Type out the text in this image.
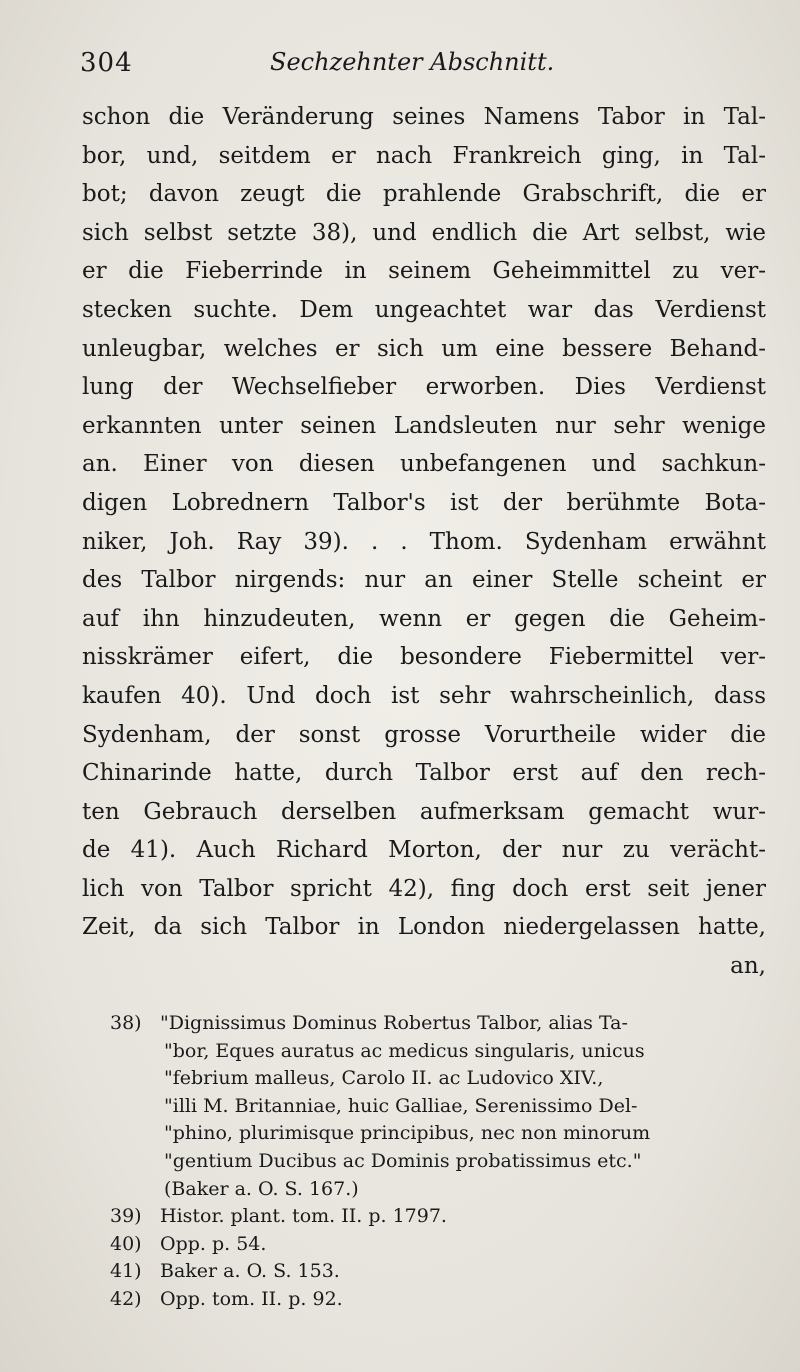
304	Sechzehnter Abschnitt.
schon die Veränderung seines Namens Tabor in Tal-
bor, und, seitdem er nach Frankreich ging, in Tal-
bot; davon zeugt die prahlende Grabschrift, die er
sich selbst setzte 38), und endlich die Art selbst, wie
er die Fieberrinde in seinem Geheimmittel zu ver-
stecken suchte. Dem ungeachtet war das Verdienst
unleugbar, welches er sich um eine bessere Behand-
lung der Wechselfieber erworben. Dies Verdienst
erkannten unter seinen Landsleuten nur sehr wenige
an. Einer von diesen unbefangenen und sachkun-
digen Lobrednern Talbor's ist der berühmte Bota-
niker, Joh. Ray 39). . . Thom. Sydenham erwähnt
des Talbor nirgends: nur an einer Stelle scheint er
auf ihn hinzudeuten, wenn er gegen die Geheim-
nisskrämer eifert, die besondere Fiebermittel ver-
kaufen 40). Und doch ist sehr wahrscheinlich, dass
Sydenham, der sonst grosse Vorurtheile wider die
Chinarinde hatte, durch Talbor erst auf den rech-
ten Gebrauch derselben aufmerksam gemacht wur-
de 41). Auch Richard Morton, der nur zu verächt-
lich von Talbor spricht 42), fing doch erst seit jener
Zeit, da sich Talbor in London niedergelassen hatte,
an,
38) "Dignissimus Dominus Robertus Talbor, alias Ta-
"bor, Eques auratus ac medicus singularis, unicus
"febrium malleus, Carolo II. ac Ludovico XIV.,
"illi M. Britanniae, huic Galliae, Serenissimo Del-
"phino, plurimisque principibus, nec non minorum
"gentium Ducibus ac Dominis probatissimus etc."
(Baker a. O. S. 167.)
39) Histor. plant. tom. II. p. 1797.
40) Opp. p. 54.
41) Baker a. O. S. 153.
42) Opp. tom. II. p. 92.
